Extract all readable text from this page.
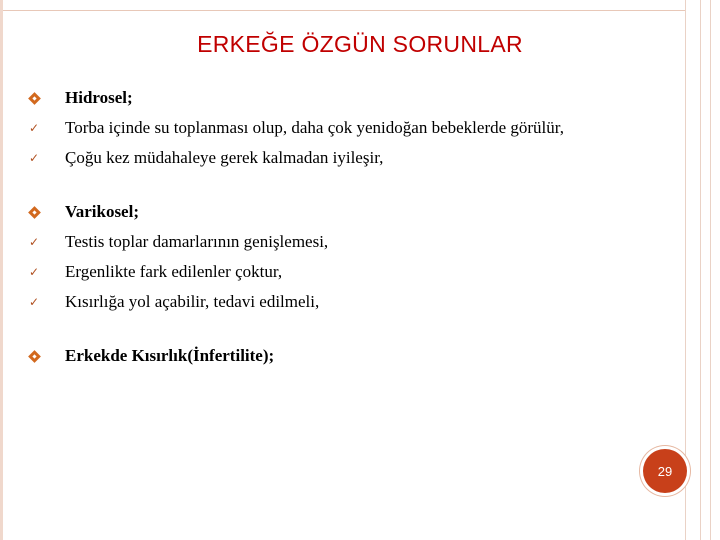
ERKEĞE ÖZGÜN SORUNLAR
Hidrosel;
✓ Torba içinde su toplanması olup, daha çok yenidoğan bebeklerde görülür,
✓ Çoğu kez müdahaleye gerek kalmadan iyileşir,
Varikosel;
✓ Testis toplar damarlarının genişlemesi,
✓ Ergenlikte fark edilenler çoktur,
✓ Kısırlığa yol açabilir, tedavi edilmeli,
Erkekde Kısırlık(İnfertilite);
29
